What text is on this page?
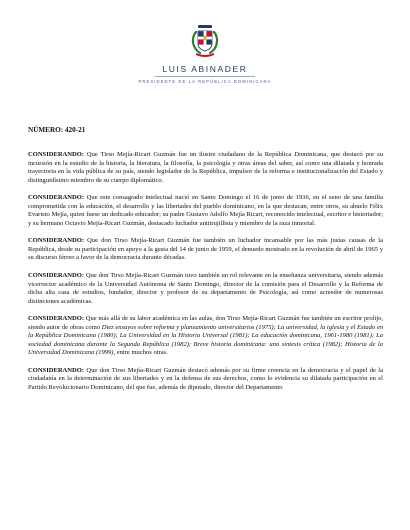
LUIS ABINADER
PRESIDENTE DE LA REPÚBLICA DOMINICANA
NÚMERO: 420-21

CONSIDERANDO: Que Tirso Mejía-Ricart Guzmán fue un ilustre ciudadano de la República Dominicana, que destacó por su incursión en la estudio de la historia, la literatura, la filosofía, la psicología y otras áreas del saber, así como una dilatada y honrada trayectoria en la vida pública de su país, siendo legislador de la República, impulsor de la reforma e institucionalización del Estado y distinguidísimo miembro de su cuerpo diplomático.

CONSIDERANDO: Que este consagrado intelectual nació en Santo Domingo el 16 de junio de 1936, en el seno de una familia comprometida con la educación, el desarrollo y las libertades del pueblo dominicano, en la que destacan, entre otros, su abuelo Félix Evaristo Mejía, quien fuese un dedicado educador; su padre Gustavo Adolfo Mejía Ricart, reconocido intelectual, escritor e historiador; y su hermano Octavio Mejía-Ricart Guzmán, destacado luchador antitrujillista y miembro de la raza inmortal.

CONSIDERANDO: Que don Tirso Mejía-Ricart Guzmán fue también un luchador incansable por las más justas causas de la República, desde su participación en apoyo a la gesta del 14 de junio de 1959, el denuedo mostrado en la revolución de abril de 1965 y su discurso férreo a favor de la democracia durante décadas.

CONSIDERANDO: Que don Tirso Mejía-Ricart Guzmán tuvo también un rol relevante en la enseñanza universitaria, siendo además vicerrector académico de la Universidad Autónoma de Santo Domingo, director de la comisión para el Desarrollo y la Reforma de dicha alta casa de estudios, fundador, director y profesor de su departamento de Psicología, así como acreedor de numerosas distinciones académicas.

CONSIDERANDO: Que más allá de su labor académica en las aulas, don Tirso Mejía-Ricart Guzmán fue también un escritor prolijo, siendo autor de obras como Diez ensayos sobre reforma y planeamiento universitarios (1975); La universidad, la iglesia y el Estado en la República Dominicana (1980); La Universidad en la Historia Universal (1981); La educación dominicana, 1961-1980 (1981); La sociedad dominicana durante la Segunda República (1982); Breve historia dominicana: una síntesis crítica (1982); Historia de la Universidad Dominicana (1999), entre muchos otras.

CONSIDERANDO: Que don Tirso Mejía-Ricart Guzmán destacó además por su firme creencia en la democracia y el papel de la ciudadanía en la determinación de sus libertades y en la defensa de sus derechos, como lo evidencia su dilatada participación en el Partido Revolucionario Dominicano, del que fue, además de diputado, director del Departamento
